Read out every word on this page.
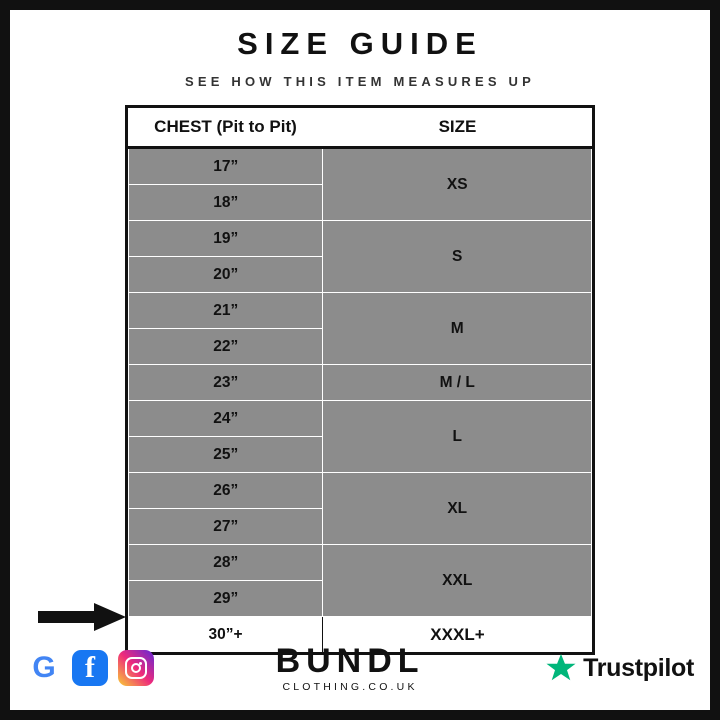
SIZE GUIDE
SEE HOW THIS ITEM MEASURES UP
CHEST (Pit to Pit)	SIZE
17”	XS
18”	
19”	S
20”	
21”	M
22”	
23”	M / L
24”	L
25”	
26”	XL
27”	
28”	XXL
29”	
30”+	XXXL+
G f	BUNDL
CLOTHING.CO.UK
Trustpilot
